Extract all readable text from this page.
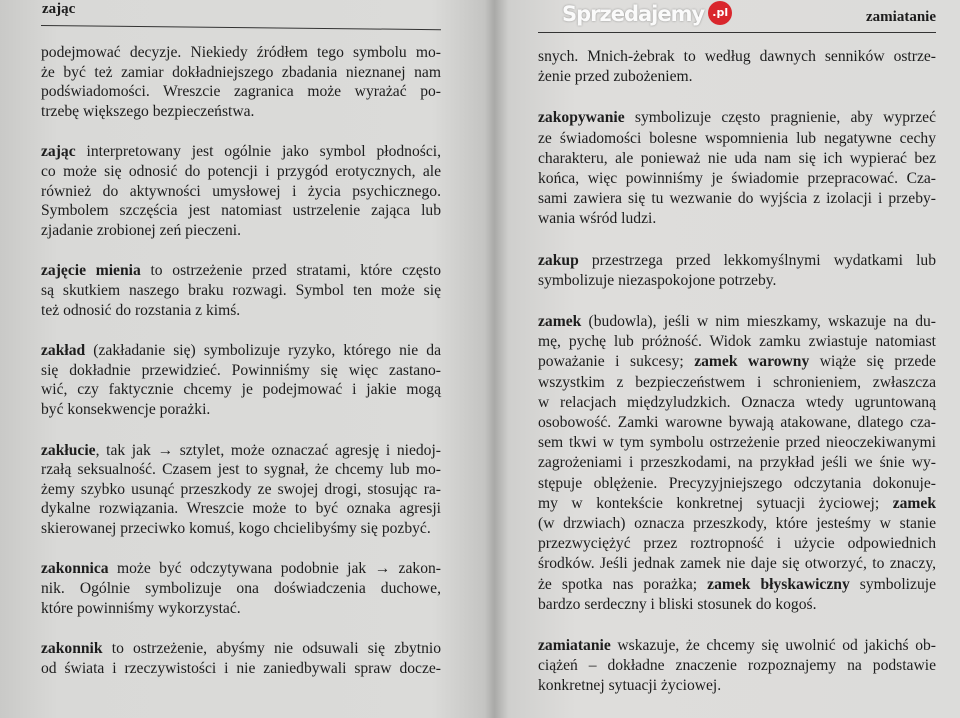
zając
podejmować decyzje. Niekiedy źródłem tego symbolu mo-
że być też zamiar dokładniejszego zbadania nieznanej nam
podświadomości. Wreszcie zagranica może wyrażać po-
trzebę większego bezpieczeństwa.
zając interpretowany jest ogólnie jako symbol płodności,
co może się odnosić do potencji i przygód erotycznych, ale
również do aktywności umysłowej i życia psychicznego.
Symbolem szczęścia jest natomiast ustrzelenie zająca lub
zjadanie zrobionej zeń pieczeni.
zajęcie mienia to ostrzeżenie przed stratami, które często
są skutkiem naszego braku rozwagi. Symbol ten może się
też odnosić do rozstania z kimś.
zakład (zakładanie się) symbolizuje ryzyko, którego nie da
się dokładnie przewidzieć. Powinniśmy się więc zastano-
wić, czy faktycznie chcemy je podejmować i jakie mogą
być konsekwencje porażki.
zakłucie, tak jak → sztylet, może oznaczać agresję i niedoj-
rzałą seksualność. Czasem jest to sygnał, że chcemy lub mo-
żemy szybko usunąć przeszkody ze swojej drogi, stosując ra-
dykalne rozwiązania. Wreszcie może to być oznaka agresji
skierowanej przeciwko komuś, kogo chcielibyśmy się pozbyć.
zakonnica może być odczytywana podobnie jak → zakon-
nik. Ogólnie symbolizuje ona doświadczenia duchowe,
które powinniśmy wykorzystać.
zakonnik to ostrzeżenie, abyśmy nie odsuwali się zbytnio
od świata i rzeczywistości i nie zaniedbywali spraw docze-
zamiatanie
snych. Mnich-żebrak to według dawnych senników ostrze-
żenie przed zubożeniem.
zakopywanie symbolizuje często pragnienie, aby wyprzeć
ze świadomości bolesne wspomnienia lub negatywne cechy
charakteru, ale ponieważ nie uda nam się ich wypierać bez
końca, więc powinniśmy je świadomie przepracować. Cza-
sami zawiera się tu wezwanie do wyjścia z izolacji i przeby-
wania wśród ludzi.
zakup przestrzega przed lekkomyślnymi wydatkami lub
symbolizuje niezaspokojone potrzeby.
zamek (budowla), jeśli w nim mieszkamy, wskazuje na du-
mę, pychę lub próżność. Widok zamku zwiastuje natomiast
poważanie i sukcesy; zamek warowny wiąże się przede
wszystkim z bezpieczeństwem i schronieniem, zwłaszcza
w relacjach międzyludzkich. Oznacza wtedy ugruntowaną
osobowość. Zamki warowne bywają atakowane, dlatego cza-
sem tkwi w tym symbolu ostrzeżenie przed nieoczekiwanymi
zagrożeniami i przeszkodami, na przykład jeśli we śnie wy-
stępuje oblężenie. Precyzyjniejszego odczytania dokonuje-
my w kontekście konkretnej sytuacji życiowej; zamek
(w drzwiach) oznacza przeszkody, które jesteśmy w stanie
przezwyciężyć przez roztropność i użycie odpowiednich
środków. Jeśli jednak zamek nie daje się otworzyć, to znaczy,
że spotka nas porażka; zamek błyskawiczny symbolizuje
bardzo serdeczny i bliski stosunek do kogoś.
zamiatanie wskazuje, że chcemy się uwolnić od jakichś ob-
ciążeń – dokładne znaczenie rozpoznajemy na podstawie
konkretnej sytuacji życiowej.
Sprzedajemy .pl
